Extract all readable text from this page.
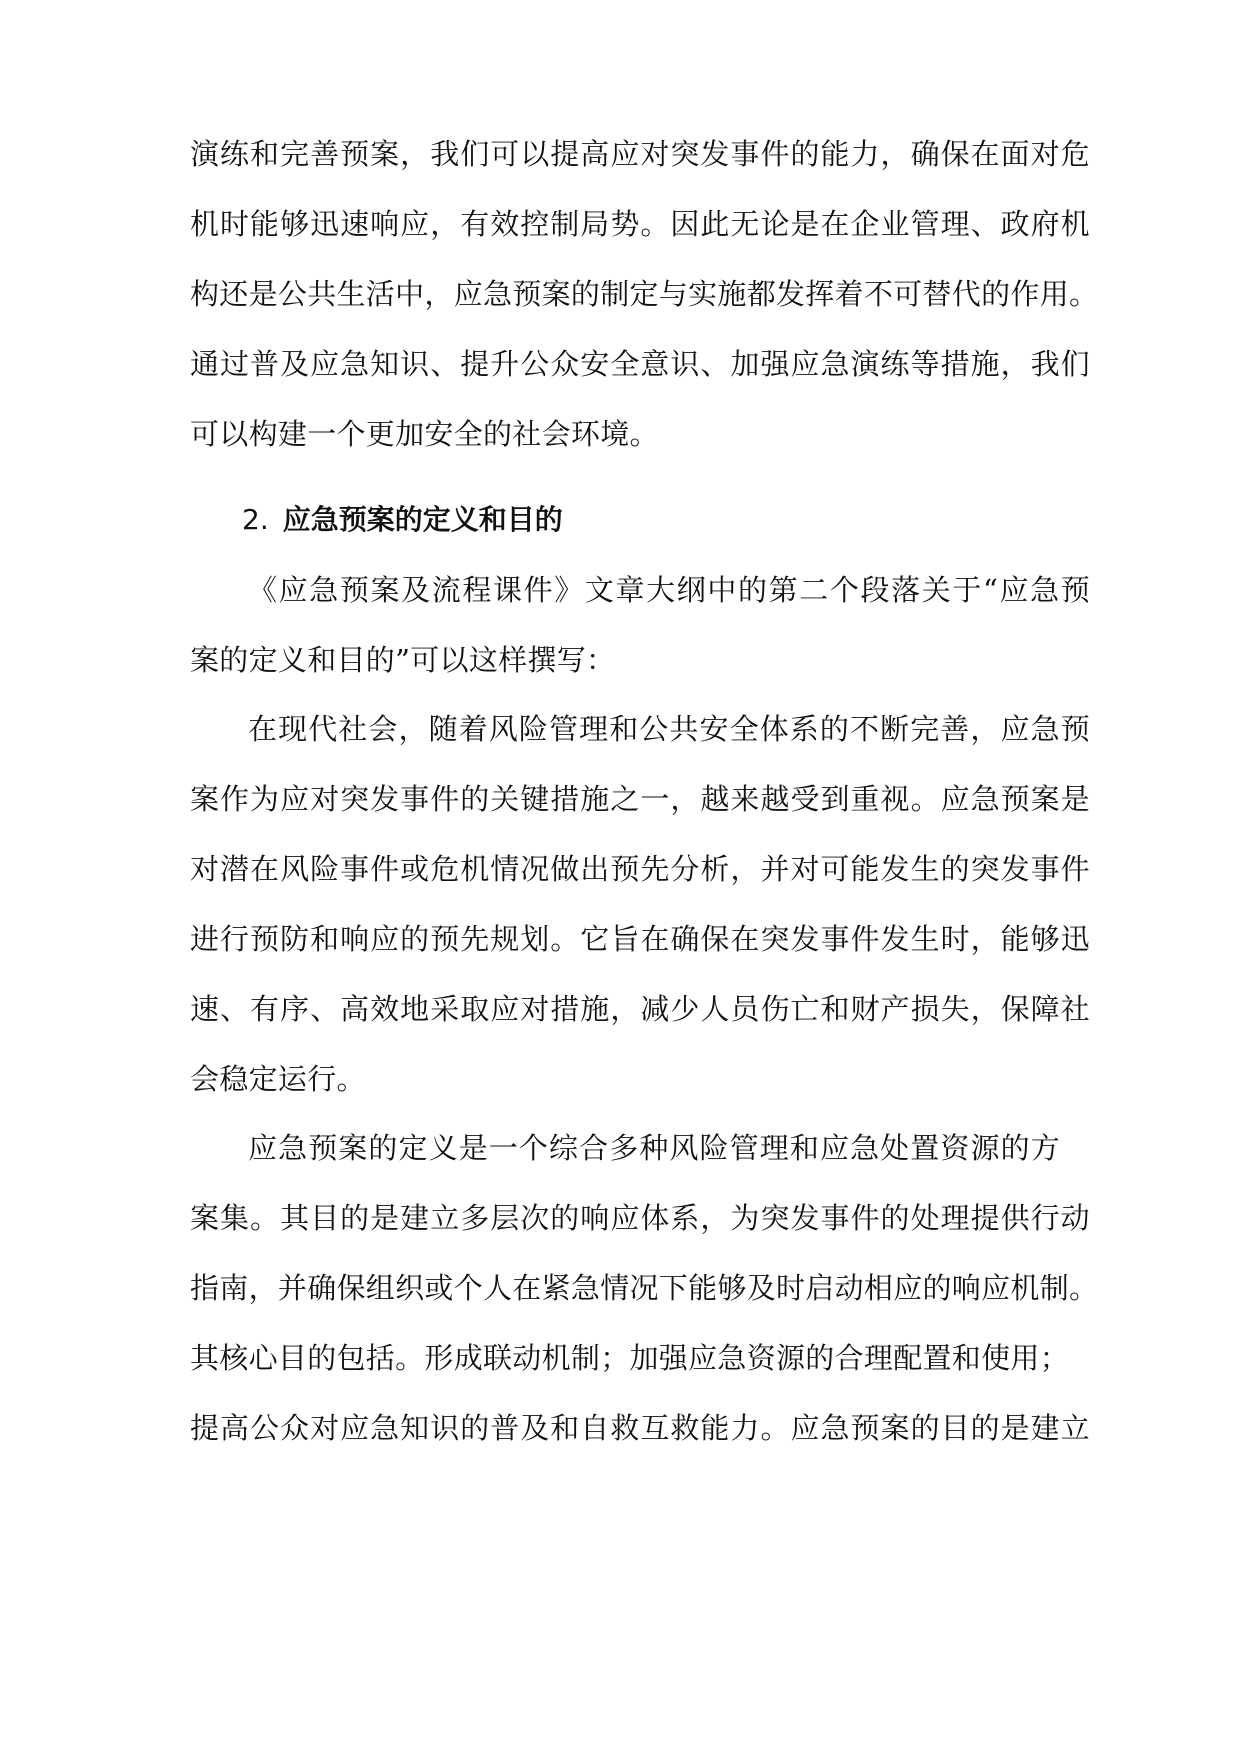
演练和完善预案，我们可以提高应对突发事件的能力，确保在面对危
机时能够迅速响应，有效控制局势。因此无论是在企业管理、政府机
构还是公共生活中，应急预案的制定与实施都发挥着不可替代的作用。
通过普及应急知识、提升公众安全意识、加强应急演练等措施，我们
可以构建一个更加安全的社会环境。
2. 应急预案的定义和目的
《应急预案及流程课件》文章大纲中的第二个段落关于“应急预
案的定义和目的”可以这样撰写：
在现代社会，随着风险管理和公共安全体系的不断完善，应急预
案作为应对突发事件的关键措施之一，越来越受到重视。应急预案是
对潜在风险事件或危机情况做出预先分析，并对可能发生的突发事件
进行预防和响应的预先规划。它旨在确保在突发事件发生时，能够迅
速、有序、高效地采取应对措施，减少人员伤亡和财产损失，保障社
会稳定运行。
应急预案的定义是一个综合多种风险管理和应急处置资源的方
案集。其目的是建立多层次的响应体系，为突发事件的处理提供行动
指南，并确保组织或个人在紧急情况下能够及时启动相应的响应机制。
其核心目的包括。形成联动机制；加强应急资源的合理配置和使用；
提高公众对应急知识的普及和自救互救能力。应急预案的目的是建立
